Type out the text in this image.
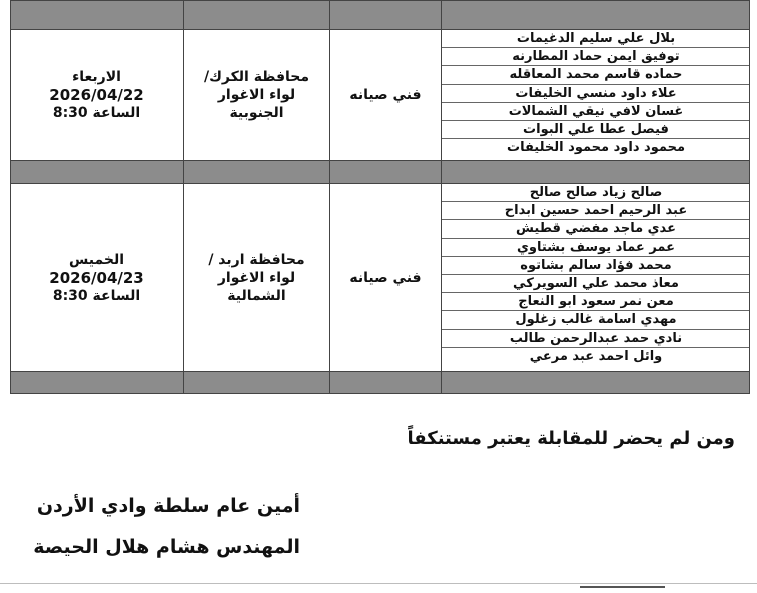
الاربعاء
2026/04/22
الساعة 8:30
محافظة الكرك/ لواء الاغوار الجنوبية
فني صيانه
بلال علي سليم الدغيمات
توفيق ايمن حماد المطارنه
حماده قاسم محمد المعاقله
علاء داود منسي الخليفات
غسان لافي نيقي الشمالات
فيصل عطا علي البوات
محمود داود محمود الخليفات
الخميس
2026/04/23
الساعة 8:30
محافظة اربد / لواء الاغوار الشمالية
فني صيانه
صالح زياد صالح صالح
عبد الرحيم احمد حسين ابداح
عدي ماجد مفضي قطيش
عمر عماد يوسف بشتاوي
محمد فؤاد سالم بشاتوه
معاذ محمد علي السويركي
معن نمر سعود ابو النعاج
مهدي اسامة غالب زغلول
نادي حمد عبدالرحمن طالب
وائل احمد عبد مرعي
ومن لم يحضر للمقابلة يعتبر مستنكفاً
أمين عام سلطة وادي الأردن
المهندس هشام هلال الحيصة
